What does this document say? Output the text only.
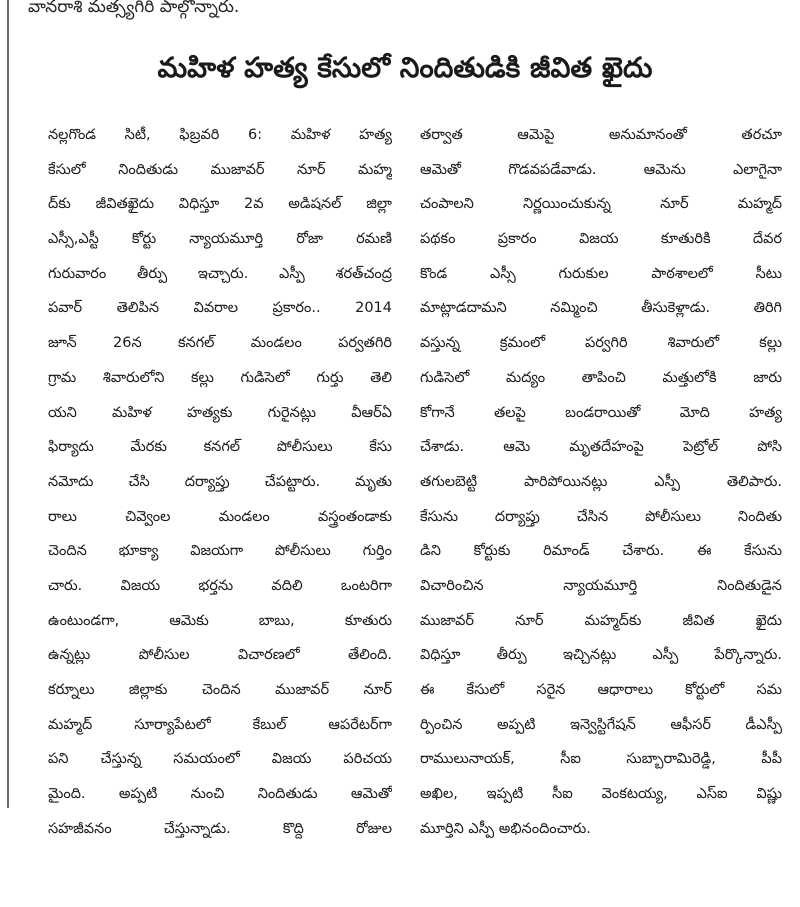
వానరాశి మత్స్యగిరి పాల్గొన్నారు.
మహిళ హత్య కేసులో నిందితుడికి జీవిత ఖైదు
నల్లగొండ సిటీ, ఫిబ్రవరి 6: మహిళ హత్య
కేసులో నిందితుడు ముజావర్ నూర్ మహ్మ
ద్‌కు జీవితఖైదు విధిస్తూ 2వ అడిషనల్ జిల్లా
ఎస్సీ,ఎస్టీ కోర్టు న్యాయమూర్తి రోజా రమణి
గురువారం తీర్పు ఇచ్చారు. ఎస్పీ శరత్‌చంద్ర
పవార్ తెలిపిన వివరాల ప్రకారం.. 2014
జూన్ 26న కనగల్ మండలం పర్వతగిరి
గ్రామ శివారులోని కల్లు గుడిసెలో గుర్తు తెలి
యని మహిళ హత్యకు గురైనట్లు వీఆర్ఏ
ఫిర్యాదు మేరకు కనగల్ పోలీసులు కేసు
నమోదు చేసి దర్యాప్తు చేపట్టారు. మృతు
రాలు చివ్వెంల మండలం వస్త్రంతండాకు
చెందిన భూక్యా విజయగా పోలీసులు గుర్తిం
చారు. విజయ భర్తను వదిలి ఒంటరిగా
ఉంటుండగా, ఆమెకు బాబు, కూతురు
ఉన్నట్లు పోలీసుల విచారణలో తేలింది.
కర్నూలు జిల్లాకు చెందిన ముజావర్ నూర్
మహ్మద్ సూర్యాపేటలో కేబుల్ ఆపరేటర్‌గా
పని చేస్తున్న సమయంలో విజయ పరిచయ
మైంది. అప్పటి నుంచి నిందితుడు ఆమెతో
సహజీవనం చేస్తున్నాడు. కొద్ది రోజుల
తర్వాత ఆమెపై అనుమానంతో తరచూ
ఆమెతో గొడవపడేవాడు. ఆమెను ఎలాగైనా
చంపాలని నిర్ణయించుకున్న నూర్ మహ్మద్
పథకం ప్రకారం విజయ కూతురికి దేవర
కొండ ఎస్సీ గురుకుల పాఠశాలలో సీటు
మాట్లాడదామని నమ్మించి తీసుకెళ్లాడు. తిరిగి
వస్తున్న క్రమంలో పర్వగిరి శివారులో కల్లు
గుడిసెలో మద్యం తాపించి మత్తులోకి జారు
కోగానే తలపై బండరాయితో మోది హత్య
చేశాడు. ఆమె మృతదేహంపై పెట్రోల్ పోసి
తగులబెట్టి పారిపోయినట్లు ఎస్పీ తెలిపారు.
కేసును దర్యాప్తు చేసిన పోలీసులు నిందితు
డిని కోర్టుకు రిమాండ్ చేశారు. ఈ కేసును
విచారించిన న్యాయమూర్తి నిందితుడైన
ముజావర్ నూర్ మహ్మద్‌కు జీవిత ఖైదు
విధిస్తూ తీర్పు ఇచ్చినట్లు ఎస్పీ పేర్కొన్నారు.
ఈ కేసులో సరైన ఆధారాలు కోర్టులో సమ
ర్పించిన అప్పటి ఇన్వెస్టిగేషన్ ఆఫీసర్ డీఎస్పీ
రాములునాయక్, సీఐ సుబ్బారామిరెడ్డి, పీపీ
అఖిల, ఇప్పటి సీఐ వెంకటయ్య, ఎస్ఐ విష్ణు
మూర్తిని ఎస్పీ అభినందించారు.
